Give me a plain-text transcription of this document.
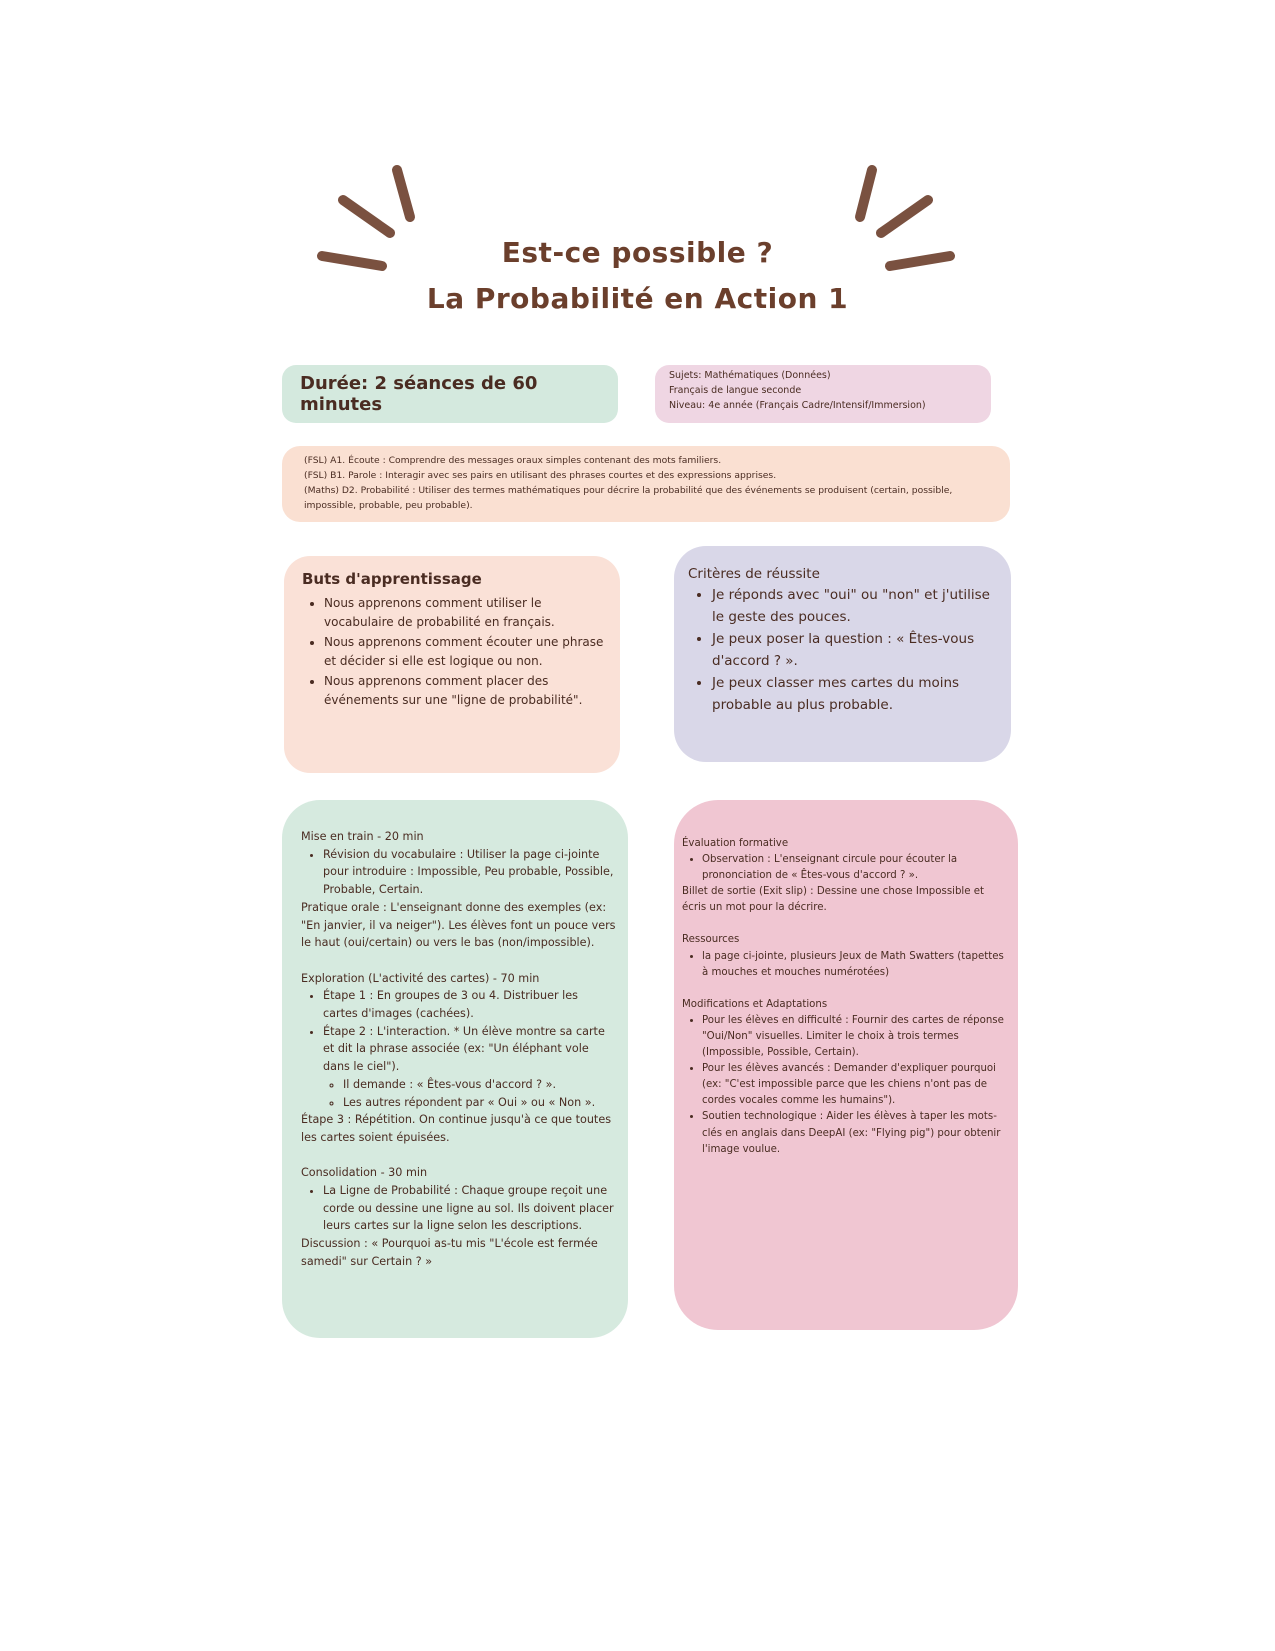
Est-ce possible ?
La Probabilité en Action 1
Durée: 2 séances de 60 minutes
Sujets: Mathématiques (Données)
Français de langue seconde
Niveau: 4e année (Français Cadre/Intensif/Immersion)
(FSL) A1. Écoute : Comprendre des messages oraux simples contenant des mots familiers.
(FSL) B1. Parole : Interagir avec ses pairs en utilisant des phrases courtes et des expressions apprises.
(Maths) D2. Probabilité : Utiliser des termes mathématiques pour décrire la probabilité que des événements se produisent (certain, possible,
impossible, probable, peu probable).
Buts d'apprentissage
• Nous apprenons comment utiliser le vocabulaire de probabilité en français.
• Nous apprenons comment écouter une phrase et décider si elle est logique ou non.
• Nous apprenons comment placer des événements sur une "ligne de probabilité".
Critères de réussite
• Je réponds avec "oui" ou "non" et j'utilise le geste des pouces.
• Je peux poser la question : « Êtes-vous d'accord ? ».
• Je peux classer mes cartes du moins probable au plus probable.

Mise en train - 20 min

• Révision du vocabulaire : Utiliser la page ci-jointe pour introduire : Impossible, Peu probable, Possible, Probable, Certain.

Pratique orale : L'enseignant donne des exemples (ex: "En janvier, il va neiger"). Les élèves font un pouce vers le haut (oui/certain) ou vers le bas (non/impossible).

Exploration (L'activité des cartes) - 70 min

• Étape 1 : En groupes de 3 ou 4. Distribuer les cartes d'images (cachées).
• Étape 2 : L'interaction. * Un élève montre sa carte et dit la phrase associée (ex: "Un éléphant vole dans le ciel").
◦ Il demande : « Êtes-vous d'accord ? ».
◦ Les autres répondent par « Oui » ou « Non ».

Étape 3 : Répétition. On continue jusqu'à ce que toutes les cartes soient épuisées.

Consolidation - 30 min

• La Ligne de Probabilité : Chaque groupe reçoit une corde ou dessine une ligne au sol. Ils doivent placer leurs cartes sur la ligne selon les descriptions.

Discussion : « Pourquoi as-tu mis "L'école est fermée samedi" sur Certain ? »

Évaluation formative

• Observation : L'enseignant circule pour écouter la prononciation de « Êtes-vous d'accord ? ».

Billet de sortie (Exit slip) : Dessine une chose Impossible et écris un mot pour la décrire.

Ressources

• la page ci-jointe, plusieurs Jeux de Math Swatters (tapettes à mouches et mouches numérotées)

Modifications et Adaptations

• Pour les élèves en difficulté : Fournir des cartes de réponse "Oui/Non" visuelles. Limiter le choix à trois termes (Impossible, Possible, Certain).
• Pour les élèves avancés : Demander d'expliquer pourquoi (ex: "C'est impossible parce que les chiens n'ont pas de cordes vocales comme les humains").
• Soutien technologique : Aider les élèves à taper les mots-clés en anglais dans DeepAI (ex: "Flying pig") pour obtenir l'image voulue.
